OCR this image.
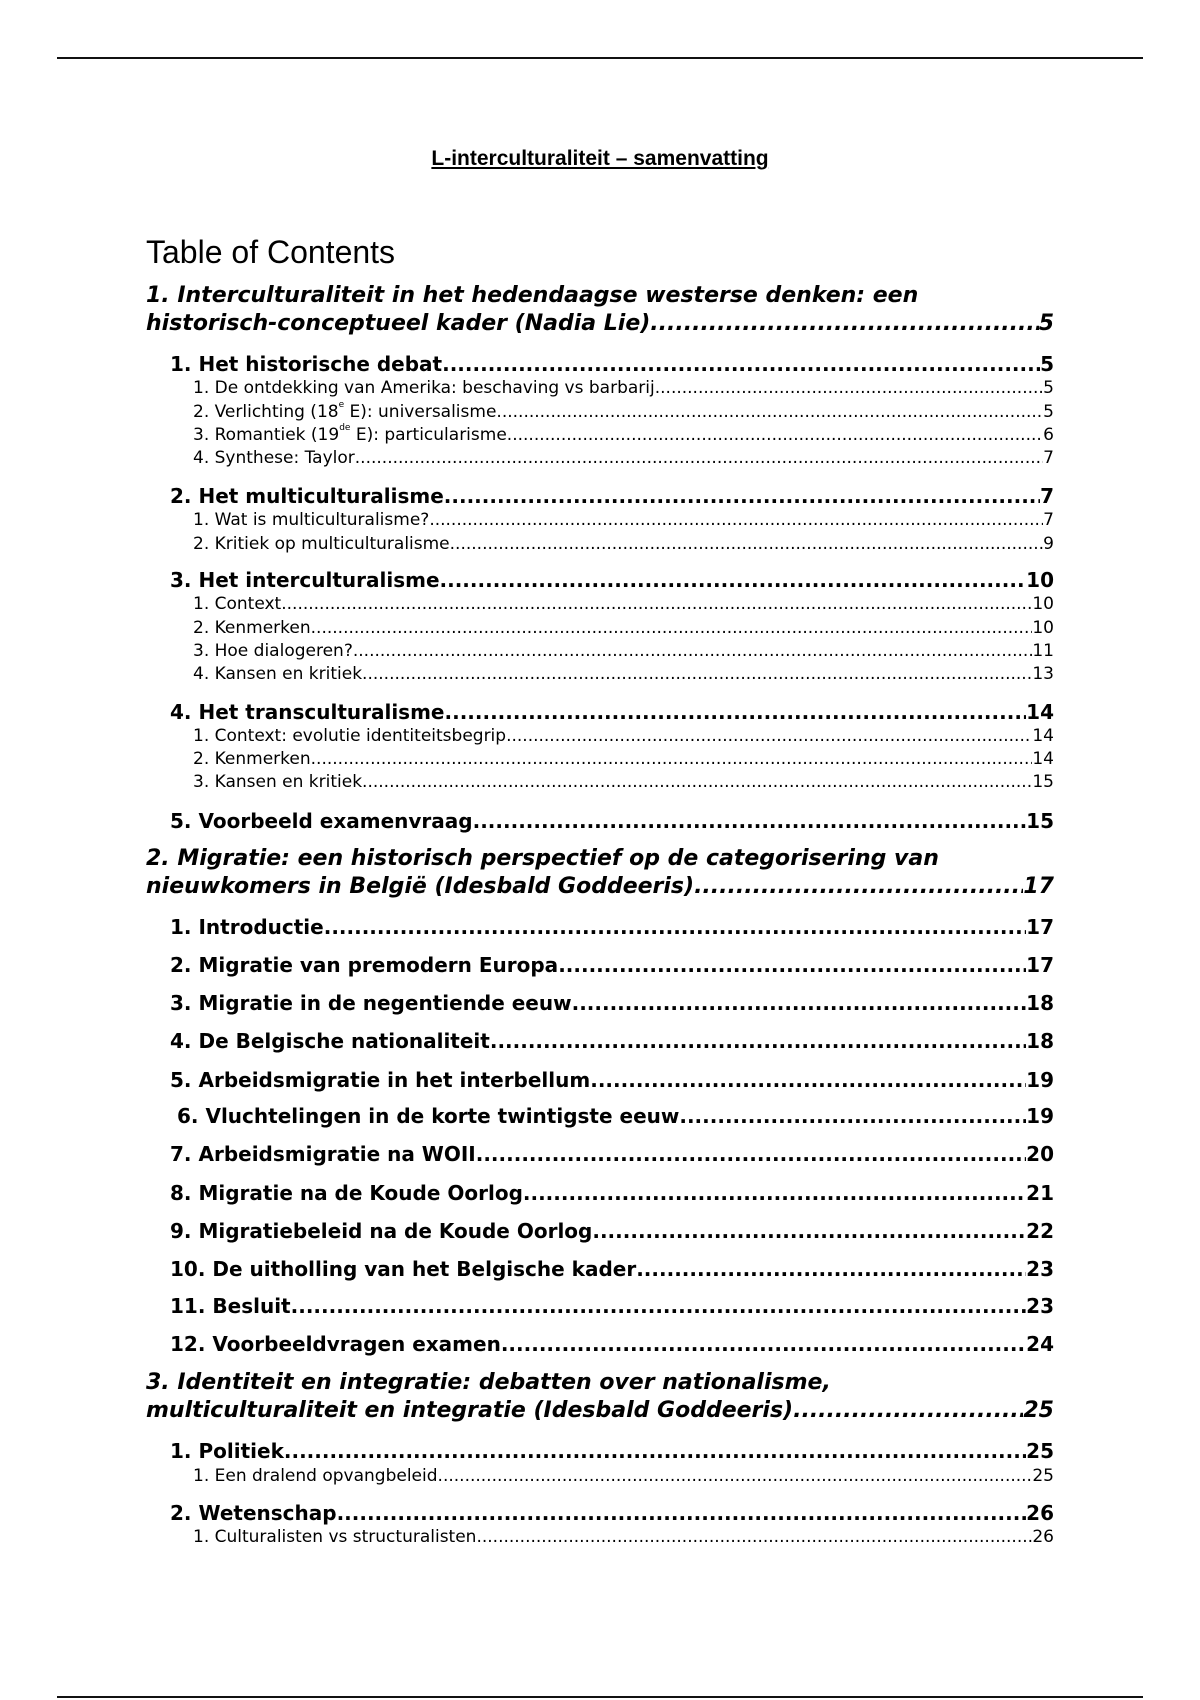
L-interculturaliteit – samenvatting
Table of Contents
1. Interculturaliteit in het hedendaagse westerse denken: een
historisch-conceptueel kader (Nadia Lie) .....	5
1. Het historische debat .....	5
1. De ontdekking van Amerika: beschaving vs barbarij .....	5
2. Verlichting (18e E): universalisme .....	5
3. Romantiek (19de E): particularisme .....	6
4. Synthese: Taylor .....	7
2. Het multiculturalisme .....	7
1. Wat is multiculturalisme? .....	7
2. Kritiek op multiculturalisme .....	9
3. Het interculturalisme .....	10
1. Context .....	10
2. Kenmerken .....	10
3. Hoe dialogeren? .....	11
4. Kansen en kritiek .....	13
4. Het transculturalisme .....	14
1. Context: evolutie identiteitsbegrip .....	14
2. Kenmerken .....	14
3. Kansen en kritiek .....	15
5. Voorbeeld examenvraag .....	15
2. Migratie: een historisch perspectief op de categorisering van
nieuwkomers in België (Idesbald Goddeeris) .....	17
1. Introductie .....	17
2. Migratie van premodern Europa .....	17
3. Migratie in de negentiende eeuw .....	18
4. De Belgische nationaliteit .....	18
5. Arbeidsmigratie in het interbellum .....	19
6. Vluchtelingen in de korte twintigste eeuw .....	19
7. Arbeidsmigratie na WOII .....	20
8. Migratie na de Koude Oorlog .....	21
9. Migratiebeleid na de Koude Oorlog .....	22
10. De uitholling van het Belgische kader .....	23
11. Besluit .....	23
12. Voorbeeldvragen examen .....	24
3. Identiteit en integratie: debatten over nationalisme,
multiculturaliteit en integratie (Idesbald Goddeeris) .....	25
1. Politiek .....	25
1. Een dralend opvangbeleid .....	25
2. Wetenschap .....	26
1. Culturalisten vs structuralisten .....	26
